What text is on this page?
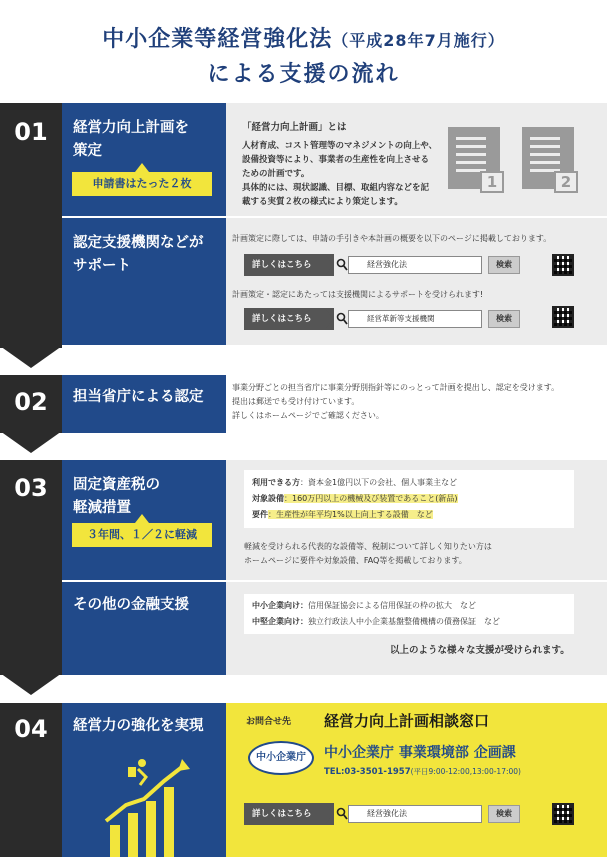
中小企業等経営強化法（平成28年7月施行）
による支援の流れ
01
02
03
04
経営力向上計画を
策定
申請書はたった２枚
「経営力向上計画」とは
人材育成、コスト管理等のマネジメントの向上や、
設備投資等により、事業者の生産性を向上させる
ための計画です。
具体的には、現状認識、目標、取組内容などを記
載する実質２枚の様式により策定します。
1	2
認定支援機関などが
サポート
計画策定に際しては、申請の手引きや本計画の概要を以下のページに掲載しております。
詳しくはこちら	経営強化法	検索
計画策定・認定にあたっては支援機関によるサポートを受けられます!
詳しくはこちら	経営革新等支援機関	検索
担当省庁による認定
事業分野ごとの担当省庁に事業分野別指針等にのっとって計画を提出し、認定を受けます。
提出は郵送でも受け付けています。
詳しくはホームページでご確認ください。
固定資産税の
軽減措置
３年間、１／２に軽減
利用できる方：資本金1億円以下の会社、個人事業主など
対象設備：160万円以上の機械及び装置であること(新品)
要件：生産性が年平均1%以上向上する設備　など
軽減を受けられる代表的な設備等、税制について詳しく知りたい方は
ホームページに要件や対象設備、FAQ等を掲載しております。
その他の金融支援	中小企業向け：信用保証協会による信用保証の枠の拡大　など
中堅企業向け：独立行政法人中小企業基盤整備機構の債務保証　など
以上のような様々な支援が受けられます。
経営力の強化を実現	お問合せ先 経営力向上計画相談窓口
中小企業庁	中小企業庁 事業環境部 企画課
TEL:03-3501-1957(平日9:00-12:00,13:00-17:00)
詳しくはこちら	経営強化法	検索
